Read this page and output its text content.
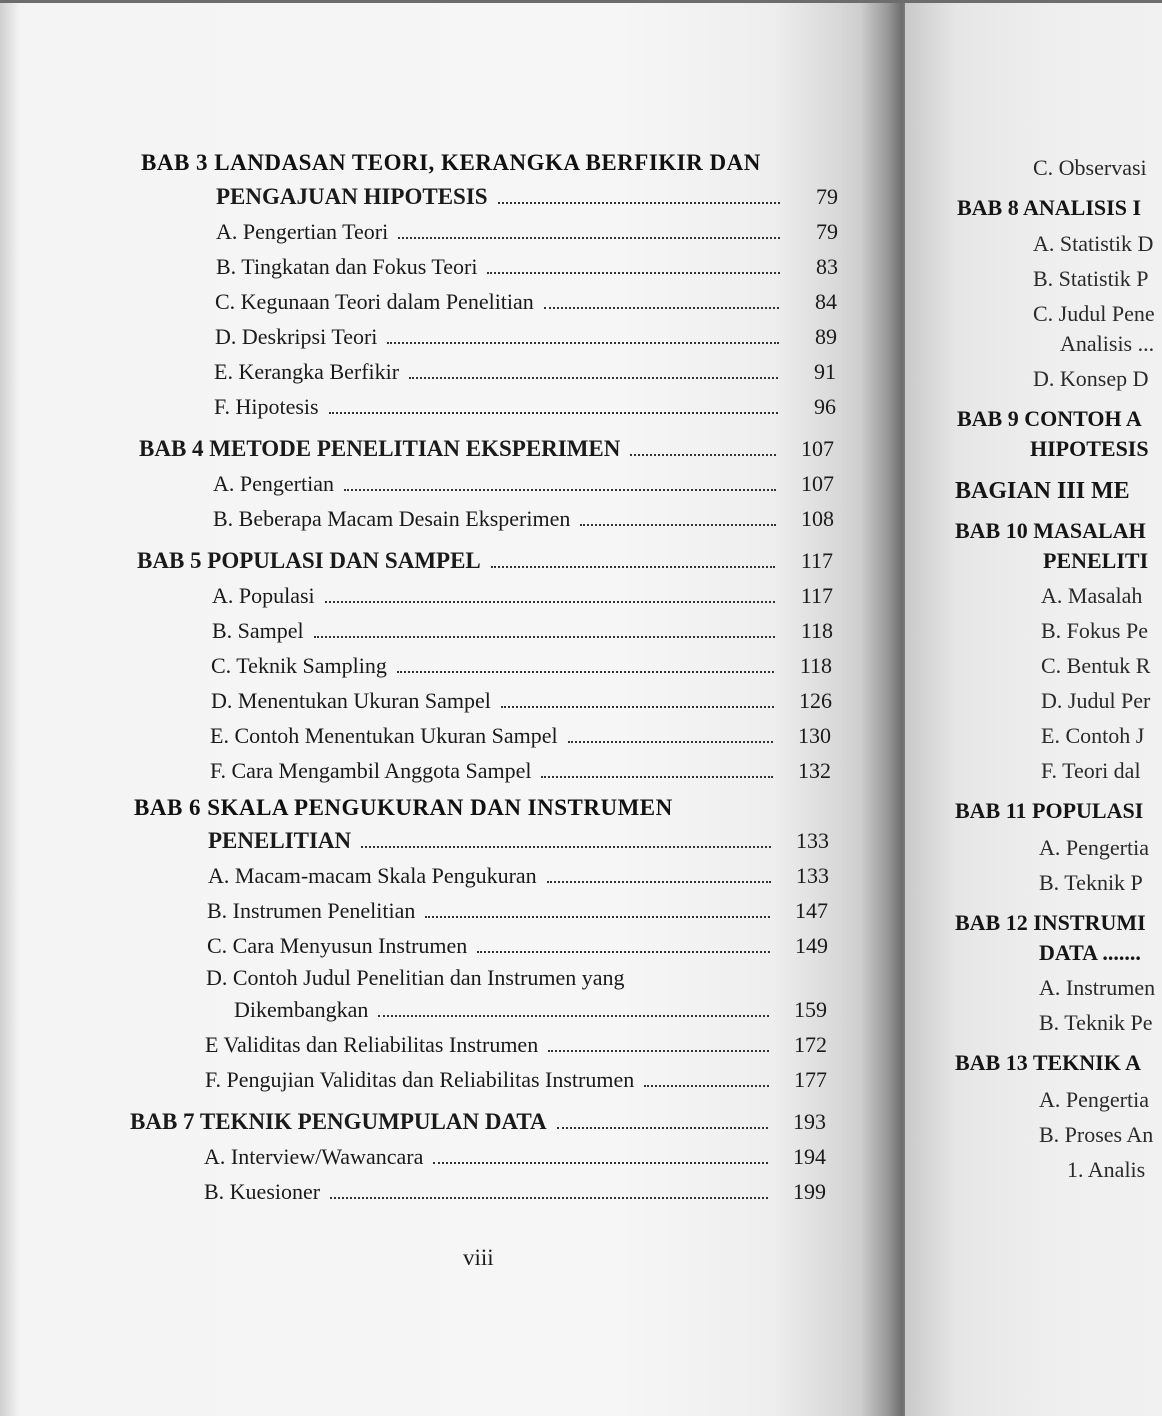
C. Observasi
BAB 8 ANALISIS I
A. Statistik D
B. Statistik P
C. Judul Pene
Analisis ...
D. Konsep D
BAB 9 CONTOH A
HIPOTESIS
BAGIAN III ME
BAB 10 MASALAH
PENELITI
A. Masalah
B. Fokus Pe
C. Bentuk R
D. Judul Per
E. Contoh J
F. Teori dal
BAB 11 POPULASI
A. Pengertia
B. Teknik P
BAB 12 INSTRUMI
DATA .......
A. Instrumen
B. Teknik Pe
BAB 13 TEKNIK A
A. Pengertia
B. Proses An
1. Analis
BAB 3 LANDASAN TEORI, KERANGKA BERFIKIR DAN
PENGAJUAN HIPOTESIS	79
A. Pengertian Teori	79
B. Tingkatan dan Fokus Teori	83
C. Kegunaan Teori dalam Penelitian	84
D. Deskripsi Teori	89
E. Kerangka Berfikir	91
F. Hipotesis	96
BAB 4 METODE PENELITIAN EKSPERIMEN	107
A. Pengertian	107
B. Beberapa Macam Desain Eksperimen	108
BAB 5 POPULASI DAN SAMPEL	117
A. Populasi	117
B. Sampel	118
C. Teknik Sampling	118
D. Menentukan Ukuran Sampel	126
E. Contoh Menentukan Ukuran Sampel	130
F. Cara Mengambil Anggota Sampel	132
BAB 6 SKALA PENGUKURAN DAN INSTRUMEN
PENELITIAN	133
A. Macam-macam Skala Pengukuran	133
B. Instrumen Penelitian	147
C. Cara Menyusun Instrumen	149
D. Contoh Judul Penelitian dan Instrumen yang
Dikembangkan	159
E Validitas dan Reliabilitas Instrumen	172
F. Pengujian Validitas dan Reliabilitas Instrumen	177
BAB 7 TEKNIK PENGUMPULAN DATA	193
A. Interview/Wawancara	194
B. Kuesioner	199
viii
